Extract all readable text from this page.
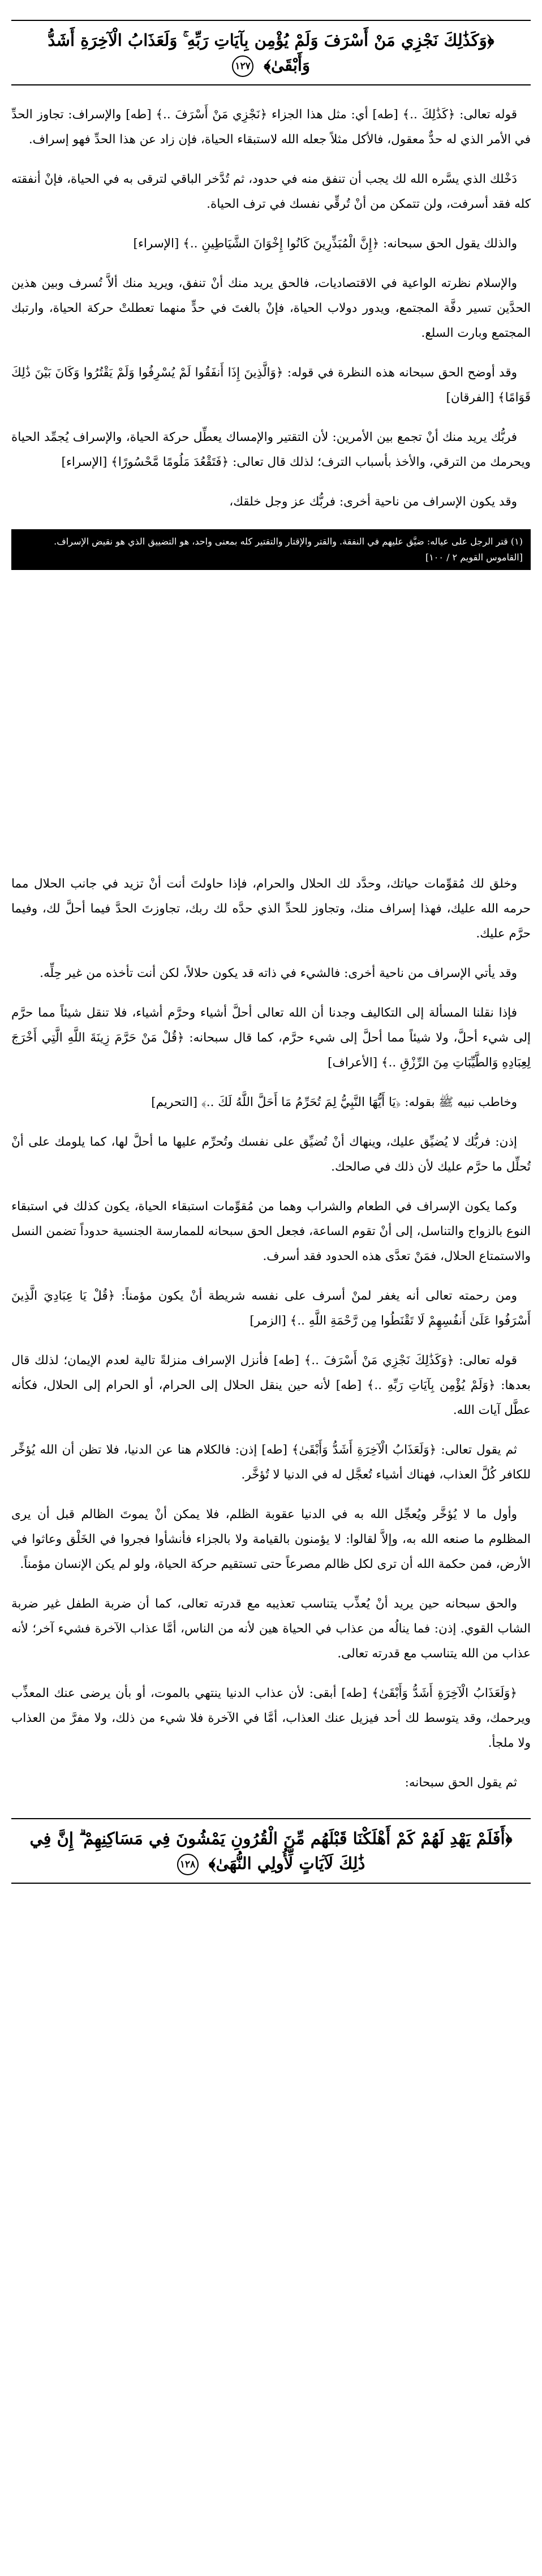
﴿وَكَذَٰلِكَ نَجْزِي مَنْ أَسْرَفَ وَلَمْ يُؤْمِن بِآيَاتِ رَبِّهِ ۚ وَلَعَذَابُ الْآخِرَةِ أَشَدُّ وَأَبْقَىٰ﴾ ١٢٧

قوله تعالى: ﴿كَذَٰلِكَ ..﴾ [طه] أي: مثل هذا الجزاء ﴿نَجْزِي مَنْ أَسْرَفَ ..﴾ [طه] والإسراف: تجاوز الحدِّ في الأمر الذي له حدٌّ معقول، فالأكل مثلاً جعله الله لاستبقاء الحياة، فإن زاد عن هذا الحدِّ فهو إسراف.

دَخْلك الذي يسَّره الله لك يجب أن تنفق منه في حدود، ثم تُدَّخر الباقي لترقى به في الحياة، فإنْ أنفقته كله فقد أسرفت، ولن تتمكن من أنْ تُرقِّي نفسك في ترف الحياة.

والذلك يقول الحق سبحانه: ﴿إِنَّ الْمُبَذِّرِينَ كَانُوا إِخْوَانَ الشَّيَاطِينِ ..﴾ [الإسراء]

والإسلام نظرته الواعية في الاقتصاديات، فالحق يريد منك أنْ تنفق، ويريد منك ألاَّ تُسرف وبين هذين الحدَّين تسير دفَّة المجتمع، ويدور دولاب الحياة، فإنْ بالغتَ في حدٍّ منهما تعطلتْ حركة الحياة، وارتبك المجتمع وبارت السلع.

وقد أوضح الحق سبحانه هذه النظرة في قوله: ﴿وَالَّذِينَ إِذَا أَنفَقُوا لَمْ يُسْرِفُوا وَلَمْ يَقْتُرُوا وَكَانَ بَيْنَ ذَٰلِكَ قَوَامًا﴾ [الفرقان]

فربُّك يريد منك أنْ تجمع بين الأمرين: لأن التقتير والإمساك يعطِّل حركة الحياة، والإسراف يُجمِّد الحياة ويحرمك من الترقي، والأخذ بأسباب الترف؛ لذلك قال تعالى: ﴿فَتَقْعُدَ مَلُومًا مَّحْسُورًا﴾ [الإسراء]

وقد يكون الإسراف من ناحية أخرى: فربُّك عز وجل خلقك،

(١) قتر الرجل على عياله: ضيَّق عليهم في النفقة. والقتر والإقتار والتقتير كله بمعنى واحد، هو التضييق الذي هو نقيض الإسراف. [القاموس القويم ٢ / ١٠٠]

وخلق لك مُقوِّمات حياتك، وحدَّد لك الحلال والحرام، فإذا حاولتَ أنت أنْ تزيد في جانب الحلال مما حرمه الله عليك، فهذا إسراف منك، وتجاوز للحدِّ الذي حدَّه لك ربك، تجاوزتَ الحدَّ فيما أحلَّ لك، وفيما حرَّم عليك.

وقد يأتي الإسراف من ناحية أخرى: فالشيء في ذاته قد يكون حلالاً، لكن أنت تأخذه من غير حِلِّه.

فإذا نقلنا المسألة إلى التكاليف وجدنا أن الله تعالى أحلَّ أشياء وحرَّم أشياء، فلا تنقل شيئاً مما حرَّم إلى شيء أحلَّ، ولا شيئاً مما أحلَّ إلى شيء حرَّم، كما قال سبحانه: ﴿قُلْ مَنْ حَرَّمَ زِينَةَ اللَّهِ الَّتِي أَخْرَجَ لِعِبَادِهِ وَالطَّيِّبَاتِ مِنَ الرِّزْقِ ..﴾ [الأعراف]

وخاطب نبيه ﷺ بقوله: ﴿يَا أَيُّهَا النَّبِيُّ لِمَ تُحَرِّمُ مَا أَحَلَّ اللَّهُ لَكَ ..﴾ [التحريم]

إذن: فربُّك لا يُضيِّق عليك، وينهاك أنْ تُضيِّق على نفسك وتُحرِّم عليها ما أحلَّ لها، كما يلومك على أنْ تُحلِّل ما حرَّم عليك لأن ذلك في صالحك.

وكما يكون الإسراف في الطعام والشراب وهما من مُقوِّمات استبقاء الحياة، يكون كذلك في استبقاء النوع بالزواج والتناسل، إلى أنْ تقوم الساعة، فجعل الحق سبحانه للممارسة الجنسية حدوداً تضمن النسل والاستمتاع الحلال، فمَنْ تعدَّى هذه الحدود فقد أسرف.

ومن رحمته تعالى أنه يغفر لمنْ أسرف على نفسه شريطة أنْ يكون مؤمناً: ﴿قُلْ يَا عِبَادِيَ الَّذِينَ أَسْرَفُوا عَلَىٰ أَنفُسِهِمْ لَا تَقْنَطُوا مِن رَّحْمَةِ اللَّهِ ..﴾ [الزمر]

قوله تعالى: ﴿وَكَذَٰلِكَ نَجْزِي مَنْ أَسْرَفَ ..﴾ [طه] فأنزل الإسراف منزلةً تالية لعدم الإيمان؛ لذلك قال بعدها: ﴿وَلَمْ يُؤْمِن بِآيَاتِ رَبِّهِ ..﴾ [طه] لأنه حين ينقل الحلال إلى الحرام، أو الحرام إلى الحلال، فكأنه عطَّل آيات الله.

ثم يقول تعالى: ﴿وَلَعَذَابُ الْآخِرَةِ أَشَدُّ وَأَبْقَىٰ﴾ [طه] إذن: فالكلام هنا عن الدنيا، فلا تظن أن الله يُؤخِّر للكافر كُلَّ العذاب، فهناك أشياء تُعجَّل له في الدنيا لا تُؤخَّر.

وأول ما لا يُؤخَّر ويُعجِّل الله به في الدنيا عقوبة الظلم، فلا يمكن أنْ يموتَ الظالم قبل أن يرى المظلوم ما صنعه الله به، وإلاَّ لقالوا: لا يؤمنون بالقيامة ولا بالجزاء فأنشأوا فجروا في الخَلْق وعاثوا في الأرض، فمن حكمة الله أن ترى لكل ظالم مصرعاً حتى تستقيم حركة الحياة، ولو لم يكن الإنسان مؤمناً.

والحق سبحانه حين يريد أنْ يُعذِّب يتناسب تعذيبه مع قدرته تعالى، كما أن ضربة الطفل غير ضربة الشاب القوي. إذن: فما ينالُه من عذاب في الحياة هين لأنه من الناس، أمَّا عذاب الآخرة فشيء آخر؛ لأنه عذاب من الله يتناسب مع قدرته تعالى.

﴿وَلَعَذَابُ الْآخِرَةِ أَشَدُّ وَأَبْقَىٰ﴾ [طه] أبقى: لأن عذاب الدنيا ينتهي بالموت، أو بأن يرضى عنك المعذِّب ويرحمك، وقد يتوسط لك أحد فيزيل عنك العذاب، أمَّا في الآخرة فلا شيء من ذلك، ولا مفرَّ من العذاب ولا ملجأ.

ثم يقول الحق سبحانه:

﴿أَفَلَمْ يَهْدِ لَهُمْ كَمْ أَهْلَكْنَا قَبْلَهُم مِّنَ الْقُرُونِ يَمْشُونَ فِي مَسَاكِنِهِمْ ۗ إِنَّ فِي ذَٰلِكَ لَآيَاتٍ لِّأُولِي النُّهَىٰ﴾ ١٢٨
